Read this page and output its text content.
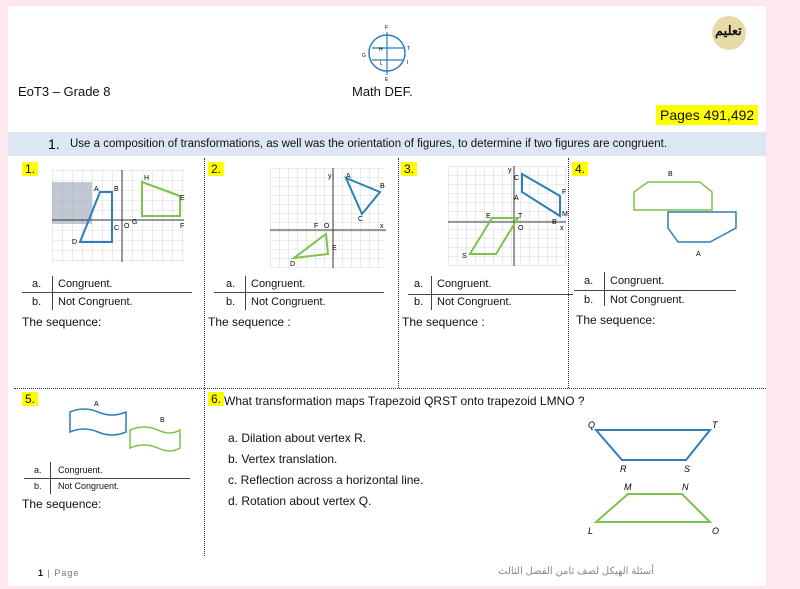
F
H	T
G
I
L
E
تعليم
EoT3 – Grade 8	Math DEF.
Pages 491,492
1. Use a composition of transformations, as well was the orientation of figures, to determine if two figures are congruent.
1.
A B
C
D
H
G
F
E
O
a. Congruent.
b. Not Congruent.
The sequence:
2.
A
B
C
D
E
F O	x
y
a. Congruent.
b. Not Congruent.
The sequence :
3.
C
A
B
F
M
E	T
S
O	x
y
a. Congruent.
b. Not Congruent.
The sequence :
4.	B
A
a. Congruent.
b. Not Congruent.
The sequence:
5.	A
B
a. Congruent.
b. Not Congruent.
The sequence:
6. What transformation maps Trapezoid QRST onto trapezoid LMNO ?
a. Dilation about vertex R.
b. Vertex translation.
c. Reflection across a horizontal line.
d. Rotation about vertex Q.
Q	T
R	S
M	N
L	O
1 | Page	أسئلة الهيكل لصف ثامن الفصل الثالث
